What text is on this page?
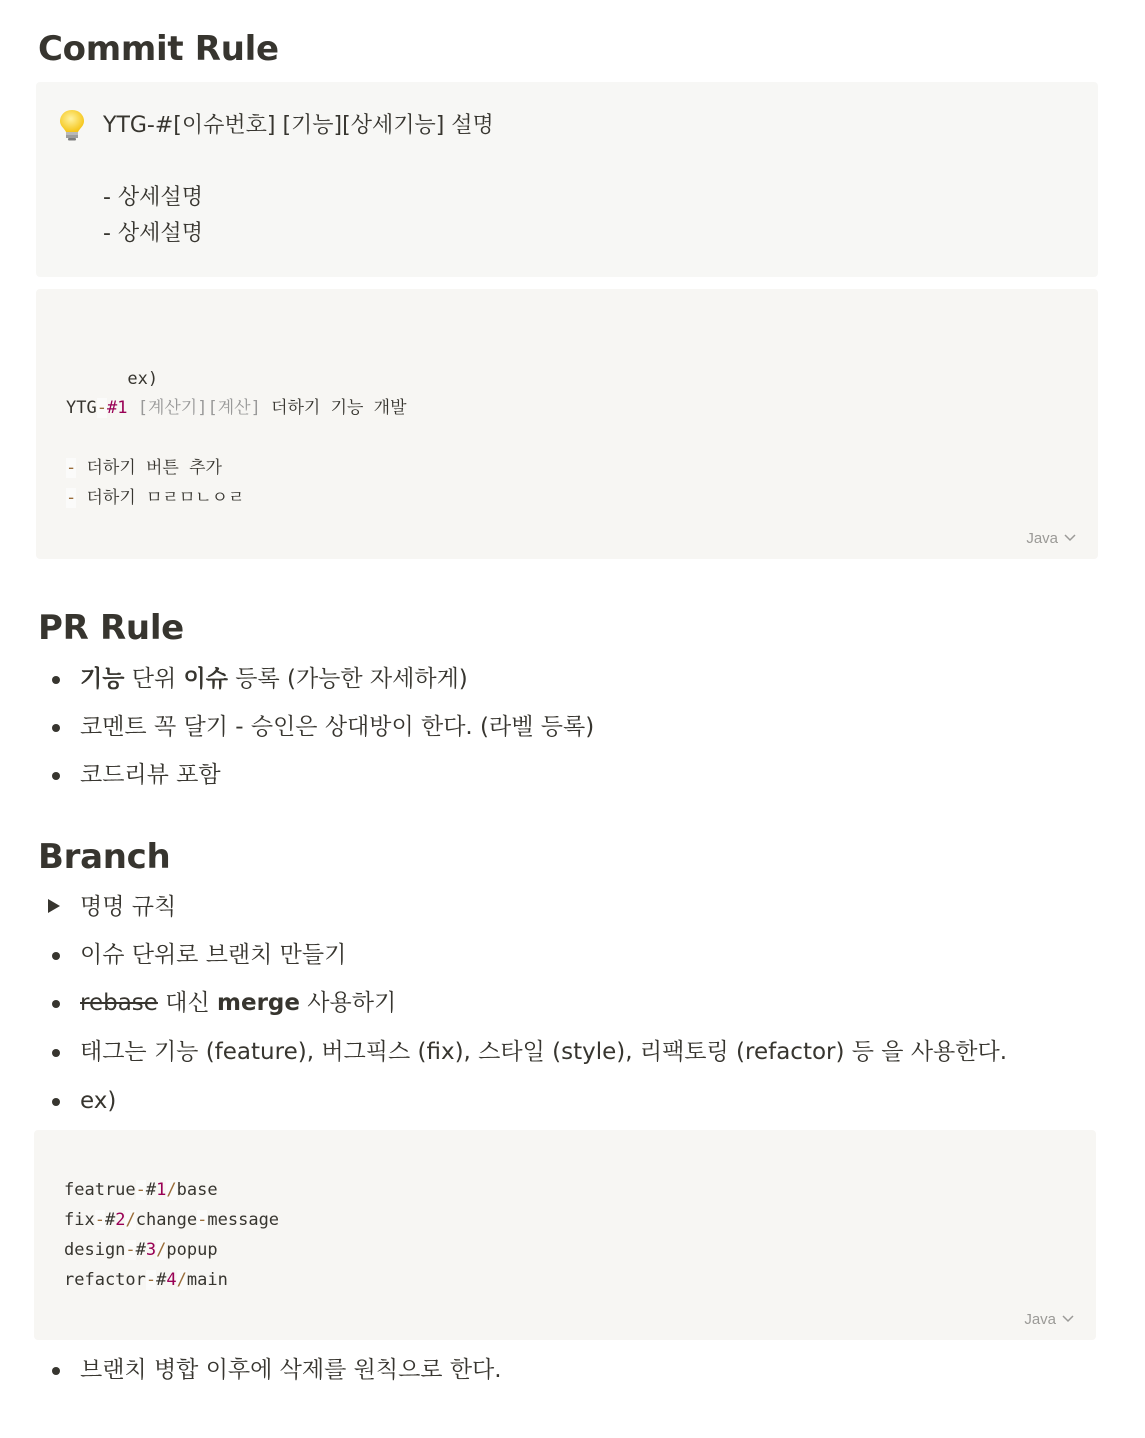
Commit Rule
YTG-#[이슈번호] [기능][상세기능] 설명
- 상세설명
- 상세설명

ex)

YTG-#1 [계산기][계산] 더하기 기능 개발
- 더하기 버튼 추가
- 더하기 ㅁㄹㅁㄴㅇㄹ
Java
PR Rule
기능 단위 이슈 등록 (가능한 자세하게)
코멘트 꼭 달기 - 승인은 상대방이 한다. (라벨 등록)
코드리뷰 포함
Branch
명명 규칙
이슈 단위로 브랜치 만들기
rebase 대신 merge 사용하기
태그는 기능 (feature), 버그픽스 (fix), 스타일 (style), 리팩토링 (refactor) 등 을 사용한다.
ex)
featrue-#1/base
fix-#2/change-message
design-#3/popup
refactor-#4/main
Java
브랜치 병합 이후에 삭제를 원칙으로 한다.
